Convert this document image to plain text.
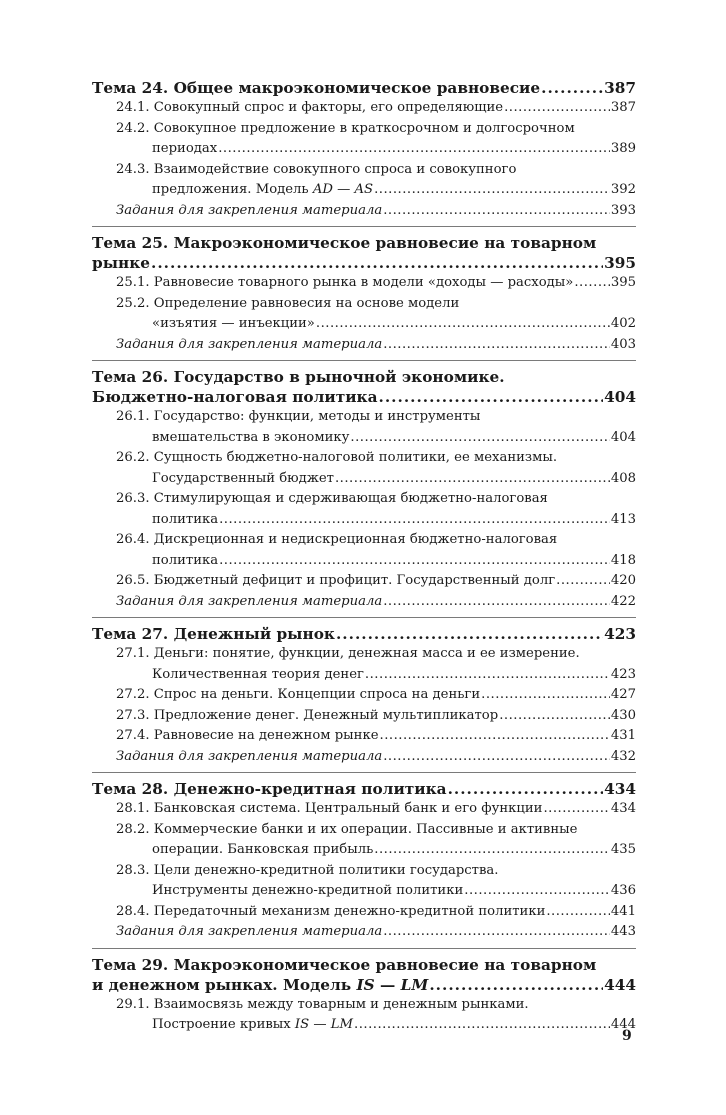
Тема 24. Общее макроэкономическое равновесие .....	387
24.1. Совокупный спрос и факторы, его определяющие .....	387
24.2. Совокупное предложение в краткосрочном и долгосрочном
периодах .....	389
24.3. Взаимодействие совокупного спроса и совокупного
предложения. Модель AD — AS .....	392
Задания для закрепления материала .....	393
Тема 25. Макроэкономическое равновесие на товарном
рынке .....	395
25.1. Равновесие товарного рынка в модели «доходы — расходы» .....	395
25.2. Определение равновесия на основе модели
«изъятия — инъекции» .....	402
Задания для закрепления материала .....	403
Тема 26. Государство в рыночной экономике.
Бюджетно-налоговая политика .....	404
26.1. Государство: функции, методы и инструменты
вмешательства в экономику .....	404
26.2. Сущность бюджетно-налоговой политики, ее механизмы.
Государственный бюджет .....	408
26.3. Стимулирующая и сдерживающая бюджетно-налоговая
политика .....	413
26.4. Дискреционная и недискреционная бюджетно-налоговая
политика .....	418
26.5. Бюджетный дефицит и профицит. Государственный долг .....	420
Задания для закрепления материала .....	422
Тема 27. Денежный рынок .....	423
27.1. Деньги: понятие, функции, денежная масса и ее измерение.
Количественная теория денег .....	423
27.2. Спрос на деньги. Концепции спроса на деньги .....	427
27.3. Предложение денег. Денежный мультипликатор .....	430
27.4. Равновесие на денежном рынке .....	431
Задания для закрепления материала .....	432
Тема 28. Денежно-кредитная политика .....	434
28.1. Банковская система. Центральный банк и его функции .....	434
28.2. Коммерческие банки и их операции. Пассивные и активные
операции. Банковская прибыль .....	435
28.3. Цели денежно-кредитной политики государства.
Инструменты денежно-кредитной политики .....	436
28.4. Передаточный механизм денежно-кредитной политики .....	441
Задания для закрепления материала .....	443
Тема 29. Макроэкономическое равновесие на товарном
и денежном рынках. Модель IS — LM .....	444
29.1. Взаимосвязь между товарным и денежным рынками.
Построение кривых IS — LM .....	444
9
